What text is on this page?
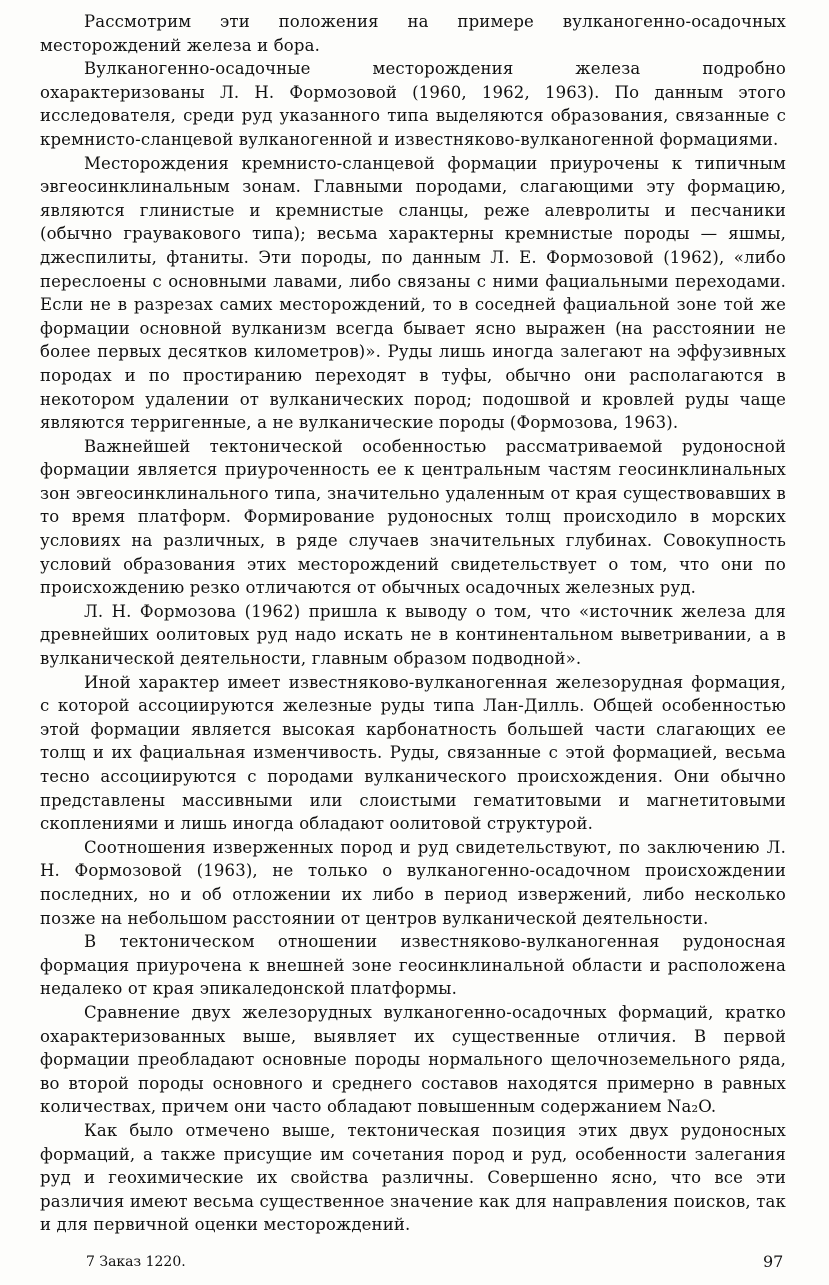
Рассмотрим эти положения на примере вулканогенно-осадочных месторождений железа и бора.

Вулканогенно-осадочные месторождения железа подробно охарактеризованы Л. Н. Формозовой (1960, 1962, 1963). По данным этого исследователя, среди руд указанного типа выделяются образования, связанные с кремнисто-сланцевой вулканогенной и известняково-вулканогенной формациями.

Месторождения кремнисто-сланцевой формации приурочены к типичным эвгеосинклинальным зонам. Главными породами, слагающими эту формацию, являются глинистые и кремнистые сланцы, реже алевролиты и песчаники (обычно граувакового типа); весьма характерны кремнистые породы — яшмы, джеспилиты, фтаниты. Эти породы, по данным Л. Е. Формозовой (1962), «либо переслоены с основными лавами, либо связаны с ними фациальными переходами. Если не в разрезах самих месторождений, то в соседней фациальной зоне той же формации основной вулканизм всегда бывает ясно выражен (на расстоянии не более первых десятков километров)». Руды лишь иногда залегают на эффузивных породах и по простиранию переходят в туфы, обычно они располагаются в некотором удалении от вулканических пород; подошвой и кровлей руды чаще являются терригенные, а не вулканические породы (Формозова, 1963).

Важнейшей тектонической особенностью рассматриваемой рудоносной формации является приуроченность ее к центральным частям геосинклинальных зон эвгеосинклинального типа, значительно удаленным от края существовавших в то время платформ. Формирование рудоносных толщ происходило в морских условиях на различных, в ряде случаев значительных глубинах. Совокупность условий образования этих месторождений свидетельствует о том, что они по происхождению резко отличаются от обычных осадочных железных руд.

Л. Н. Формозова (1962) пришла к выводу о том, что «источник железа для древнейших оолитовых руд надо искать не в континентальном выветривании, а в вулканической деятельности, главным образом подводной».

Иной характер имеет известняково-вулканогенная железорудная формация, с которой ассоциируются железные руды типа Лан-Дилль. Общей особенностью этой формации является высокая карбонатность большей части слагающих ее толщ и их фациальная изменчивость. Руды, связанные с этой формацией, весьма тесно ассоциируются с породами вулканического происхождения. Они обычно представлены массивными или слоистыми гематитовыми и магнетитовыми скоплениями и лишь иногда обладают оолитовой структурой.

Соотношения изверженных пород и руд свидетельствуют, по заключению Л. Н. Формозовой (1963), не только о вулканогенно-осадочном происхождении последних, но и об отложении их либо в период извержений, либо несколько позже на небольшом расстоянии от центров вулканической деятельности.

В тектоническом отношении известняково-вулканогенная рудоносная формация приурочена к внешней зоне геосинклинальной области и расположена недалеко от края эпикаледонской платформы.

Сравнение двух железорудных вулканогенно-осадочных формаций, кратко охарактеризованных выше, выявляет их существенные отличия. В первой формации преобладают основные породы нормального щелочноземельного ряда, во второй породы основного и среднего составов находятся примерно в равных количествах, причем они часто обладают повышенным содержанием Na₂O.

Как было отмечено выше, тектоническая позиция этих двух рудоносных формаций, а также присущие им сочетания пород и руд, особенности залегания руд и геохимические их свойства различны. Совершенно ясно, что все эти различия имеют весьма существенное значение как для направления поисков, так и для первичной оценки месторождений.

7 Заказ 1220.	97
